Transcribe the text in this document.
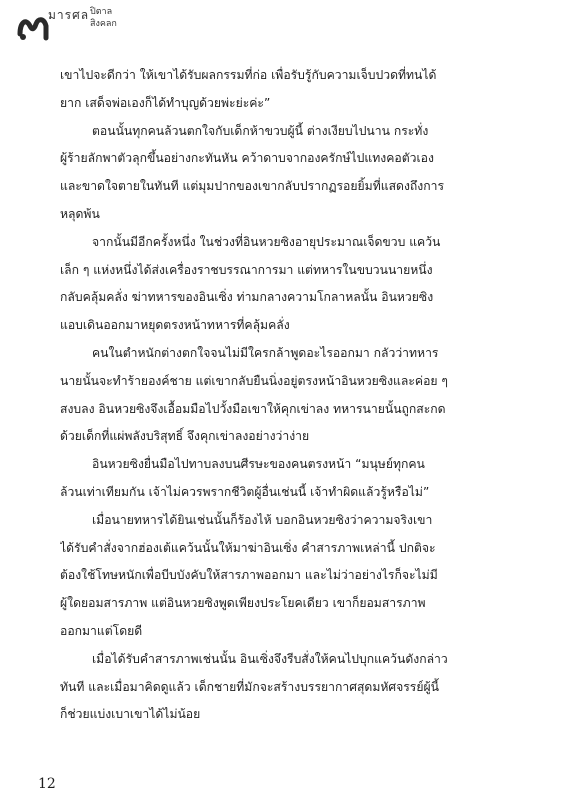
มารศล ปิตาล
สิงคลก
เขาไปจะดีกว่า ให้เขาได้รับผลกรรมที่ก่อ เพื่อรับรู้กับความเจ็บปวดที่ทนได้
ยาก เสด็จพ่อเองก็ได้ทำบุญด้วยพ่ะย่ะค่ะ”
ตอนนั้นทุกคนล้วนตกใจกับเด็กห้าขวบผู้นี้ ต่างเงียบไปนาน กระทั่ง
ผู้ร้ายลักพาตัวลุกขึ้นอย่างกะทันหัน คว้าดาบจากองครักษ์ไปแทงคอตัวเอง
และขาดใจตายในทันที แต่มุมปากของเขากลับปรากฏรอยยิ้มที่แสดงถึงการ
หลุดพ้น
จากนั้นมีอีกครั้งหนึ่ง ในช่วงที่อินหวยซิงอายุประมาณเจ็ดขวบ แคว้น
เล็ก ๆ แห่งหนึ่งได้ส่งเครื่องราชบรรณาการมา แต่ทหารในขบวนนายหนึ่ง
กลับคลุ้มคลั่ง ฆ่าทหารของอินเซิ่ง ท่ามกลางความโกลาหลนั้น อินหวยซิง
แอบเดินออกมาหยุดตรงหน้าทหารที่คลุ้มคลั่ง
คนในตำหนักต่างตกใจจนไม่มีใครกล้าพูดอะไรออกมา กลัวว่าทหาร
นายนั้นจะทำร้ายองค์ชาย แต่เขากลับยืนนิ่งอยู่ตรงหน้าอินหวยซิงและค่อย ๆ
สงบลง อินหวยซิงจึงเอื้อมมือไปวั้งมือเขาให้คุกเข่าลง ทหารนายนั้นถูกสะกด
ด้วยเด็กที่แผ่พลังบริสุทธิ์ จึงคุกเข่าลงอย่างว่าง่าย
อินหวยซิงยื่นมือไปทาบลงบนศีรษะของคนตรงหน้า “มนุษย์ทุกคน
ล้วนเท่าเทียมกัน เจ้าไม่ควรพรากชีวิตผู้อื่นเช่นนี้ เจ้าทำผิดแล้วรู้หรือไม่”
เมื่อนายทหารได้ยินเช่นนั้นก็ร้องไห้ บอกอินหวยซิงว่าความจริงเขา
ได้รับคำสั่งจากฮ่องเต้แคว้นนั้นให้มาฆ่าอินเซิ่ง คำสารภาพเหล่านี้ ปกติจะ
ต้องใช้โทษหนักเพื่อบีบบังคับให้สารภาพออกมา และไม่ว่าอย่างไรก็จะไม่มี
ผู้ใดยอมสารภาพ แต่อินหวยซิงพูดเพียงประโยคเดียว เขาก็ยอมสารภาพ
ออกมาแต่โดยดี
เมื่อได้รับคำสารภาพเช่นนั้น อินเซิ่งจึงรีบสั่งให้คนไปบุกแคว้นดังกล่าว
ทันที และเมื่อมาคิดดูแล้ว เด็กชายที่มักจะสร้างบรรยากาศสุดมหัศจรรย์ผู้นี้
ก็ช่วยแบ่งเบาเขาได้ไม่น้อย
12
